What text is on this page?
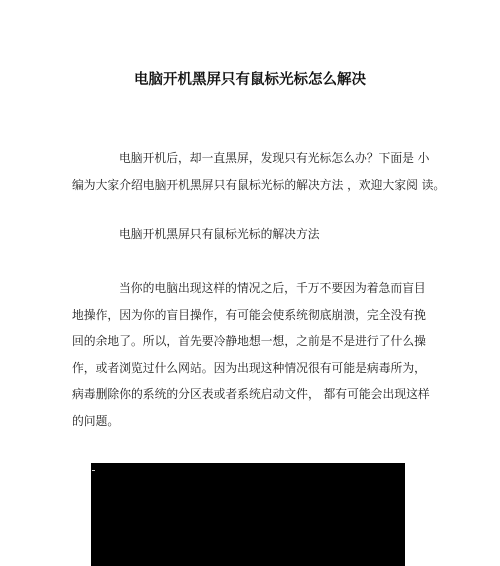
电脑开机黑屏只有鼠标光标怎么解决
电脑开机后，却一直黑屏，发现只有光标怎么办？下面是 小
编为大家介绍电脑开机黑屏只有鼠标光标的解决方法 ，欢迎大家阅 读。
电脑开机黑屏只有鼠标光标的解决方法
当你的电脑出现这样的情况之后，千万不要因为着急而盲目
地操作，因为你的盲目操作，有可能会使系统彻底崩溃，完全没有挽
回的余地了。所以，首先要冷静地想一想，之前是不是进行了什么操
作，或者浏览过什么网站。因为出现这种情况很有可能是病毒所为，
病毒删除你的系统的分区表或者系统启动文件， 都有可能会出现这样
的问题。
